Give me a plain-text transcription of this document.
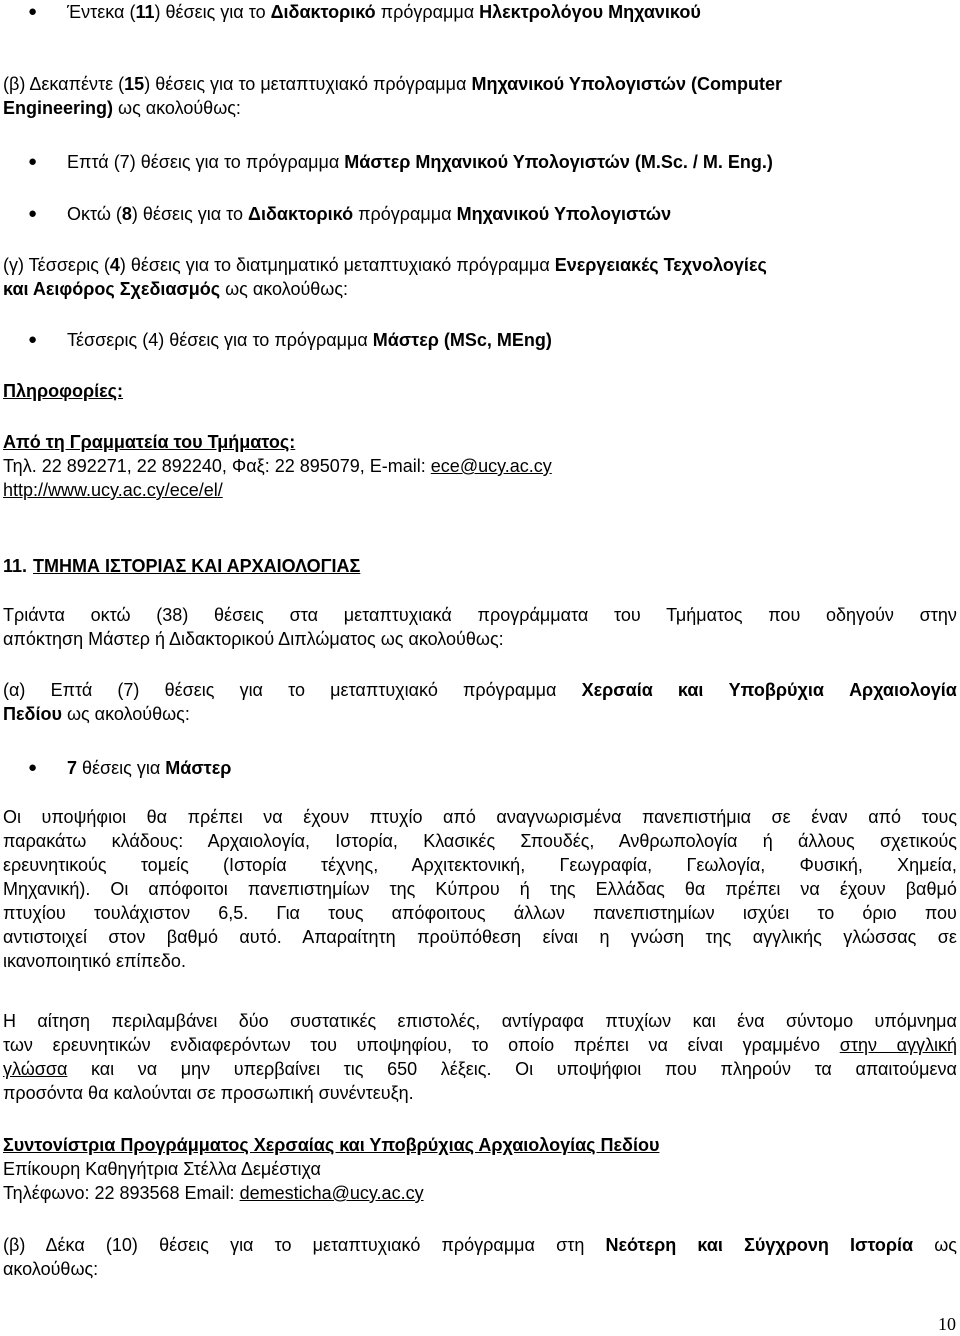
● Έντεκα (11) θέσεις για το Διδακτορικό πρόγραμμα Ηλεκτρολόγου Μηχανικού
(β) Δεκαπέντε (15) θέσεις για το μεταπτυχιακό πρόγραμμα Μηχανικού Υπολογιστών (Computer
Engineering) ως ακολούθως:
● Επτά (7) θέσεις για το πρόγραμμα Μάστερ Μηχανικού Υπολογιστών (M.Sc. / M. Eng.)
● Οκτώ (8) θέσεις για το Διδακτορικό πρόγραμμα Μηχανικού Υπολογιστών
(γ) Τέσσερις (4) θέσεις για το διατμηματικό μεταπτυχιακό πρόγραμμα Ενεργειακές Τεχνολογίες
και Αειφόρος Σχεδιασμός ως ακολούθως:
● Τέσσερις (4) θέσεις για το πρόγραμμα Μάστερ (MSc, MEng)
Πληροφορίες:
Από τη Γραμματεία του Τμήματος:
Τηλ. 22 892271, 22 892240, Φαξ: 22 895079, E-mail: ece@ucy.ac.cy
http://www.ucy.ac.cy/ece/el/
11. ΤΜΗΜΑ ΙΣΤΟΡΙΑΣ ΚΑΙ ΑΡΧΑΙΟΛΟΓΙΑΣ
Τριάντα οκτώ (38) θέσεις στα μεταπτυχιακά προγράμματα του Τμήματος που οδηγούν στην
απόκτηση Μάστερ ή Διδακτορικού Διπλώματος ως ακολούθως:
(α) Επτά (7) θέσεις για το μεταπτυχιακό πρόγραμμα Χερσαία και Υποβρύχια Αρχαιολογία
Πεδίου ως ακολούθως:
● 7 θέσεις για Μάστερ
Οι υποψήφιοι θα πρέπει να έχουν πτυχίο από αναγνωρισμένα πανεπιστήμια σε έναν από τους
παρακάτω κλάδους: Αρχαιολογία, Ιστορία, Κλασικές Σπουδές, Ανθρωπολογία ή άλλους σχετικούς
ερευνητικούς τομείς (Ιστορία τέχνης, Αρχιτεκτονική, Γεωγραφία, Γεωλογία, Φυσική, Χημεία,
Μηχανική). Οι απόφοιτοι πανεπιστημίων της Κύπρου ή της Ελλάδας θα πρέπει να έχουν βαθμό
πτυχίου τουλάχιστον 6,5. Για τους απόφοιτους άλλων πανεπιστημίων ισχύει το όριο που
αντιστοιχεί στον βαθμό αυτό. Απαραίτητη προϋπόθεση είναι η γνώση της αγγλικής γλώσσας σε
ικανοποιητικό επίπεδο.
Η αίτηση περιλαμβάνει δύο συστατικές επιστολές, αντίγραφα πτυχίων και ένα σύντομο υπόμνημα
των ερευνητικών ενδιαφερόντων του υποψηφίου, το οποίο πρέπει να είναι γραμμένο στην αγγλική
γλώσσα και να μην υπερβαίνει τις 650 λέξεις. Οι υποψήφιοι που πληρούν τα απαιτούμενα
προσόντα θα καλούνται σε προσωπική συνέντευξη.
Συντονίστρια Προγράμματος Χερσαίας και Υποβρύχιας Αρχαιολογίας Πεδίου
Επίκουρη Καθηγήτρια Στέλλα Δεμέστιχα
Τηλέφωνο: 22 893568 Email: demesticha@ucy.ac.cy
(β) Δέκα (10) θέσεις για το μεταπτυχιακό πρόγραμμα στη Νεότερη και Σύγχρονη Ιστορία ως
ακολούθως:
10
